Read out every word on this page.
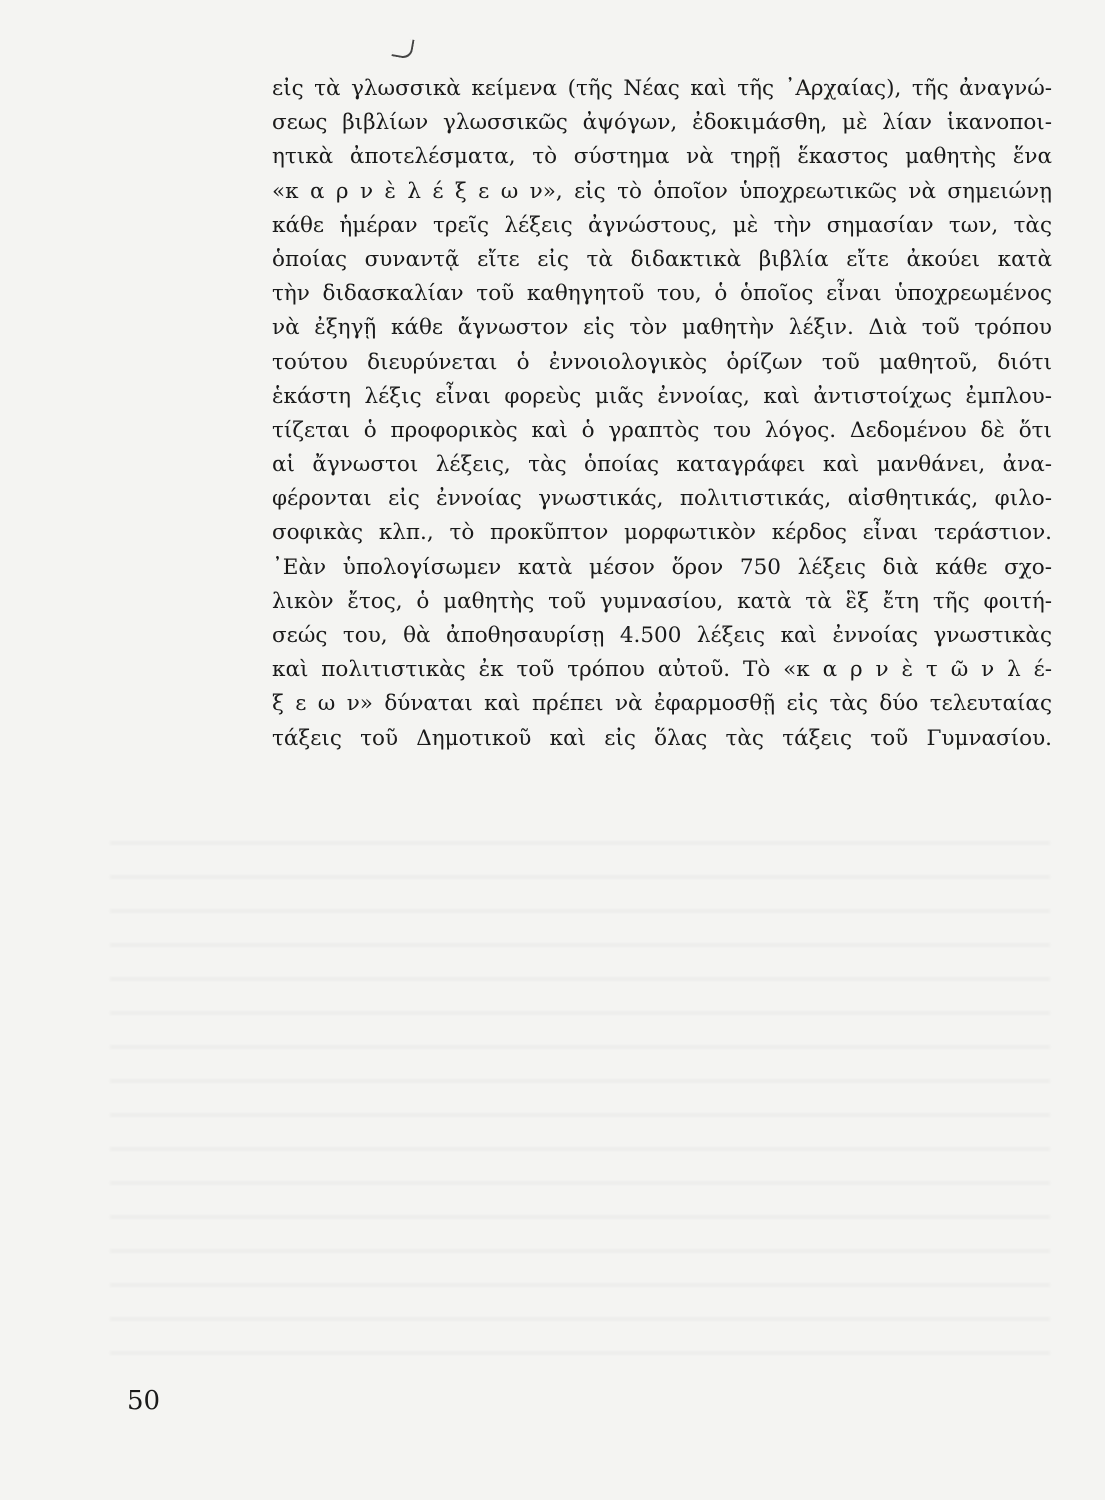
εἰς τὰ γλωσσικὰ κείμενα (τῆς Νέας καὶ τῆς ᾿Αρχαίας), τῆς ἀναγνώ-
σεως βιβλίων γλωσσικῶς ἀψόγων, ἐδοκιμάσθη, μὲ λίαν ἱκανοποι-
ητικὰ ἀποτελέσματα, τὸ σύστημα νὰ τηρῇ ἕκαστος μαθητὴς ἕνα
«κ α ρ ν ὲ λ έ ξ ε ω ν», εἰς τὸ ὁποῖον ὑποχρεωτικῶς νὰ σημειώνῃ
κάθε ἡμέραν τρεῖς λέξεις ἀγνώστους, μὲ τὴν σημασίαν των, τὰς
ὁποίας συναντᾷ εἴτε εἰς τὰ διδακτικὰ βιβλία εἴτε ἀκούει κατὰ
τὴν διδασκαλίαν τοῦ καθηγητοῦ του, ὁ ὁποῖος εἶναι ὑποχρεωμένος
νὰ ἐξηγῇ κάθε ἄγνωστον εἰς τὸν μαθητὴν λέξιν. Διὰ τοῦ τρόπου
τούτου διευρύνεται ὁ ἐννοιολογικὸς ὁρίζων τοῦ μαθητοῦ, διότι
ἑκάστη λέξις εἶναι φορεὺς μιᾶς ἐννοίας, καὶ ἀντιστοίχως ἐμπλου-
τίζεται ὁ προφορικὸς καὶ ὁ γραπτὸς του λόγος. Δεδομένου δὲ ὅτι
αἱ ἄγνωστοι λέξεις, τὰς ὁποίας καταγράφει καὶ μανθάνει, ἀνα-
φέρονται εἰς ἐννοίας γνωστικάς, πολιτιστικάς, αἰσθητικάς, φιλο-
σοφικὰς κλπ., τὸ προκῦπτον μορφωτικὸν κέρδος εἶναι τεράστιον.
᾿Εὰν ὑπολογίσωμεν κατὰ μέσον ὅρον 750 λέξεις διὰ κάθε σχο-
λικὸν ἔτος, ὁ μαθητὴς τοῦ γυμνασίου, κατὰ τὰ ἓξ ἔτη τῆς φοιτή-
σεώς του, θὰ ἀποθησαυρίσῃ 4.500 λέξεις καὶ ἐννοίας γνωστικὰς
καὶ πολιτιστικὰς ἐκ τοῦ τρόπου αὐτοῦ. Τὸ «κ α ρ ν ὲ τ ῶ ν λ έ-
ξ ε ω ν» δύναται καὶ πρέπει νὰ ἐφαρμοσθῇ εἰς τὰς δύο τελευταίας
τάξεις τοῦ Δημοτικοῦ καὶ εἰς ὅλας τὰς τάξεις τοῦ Γυμνασίου.
50
